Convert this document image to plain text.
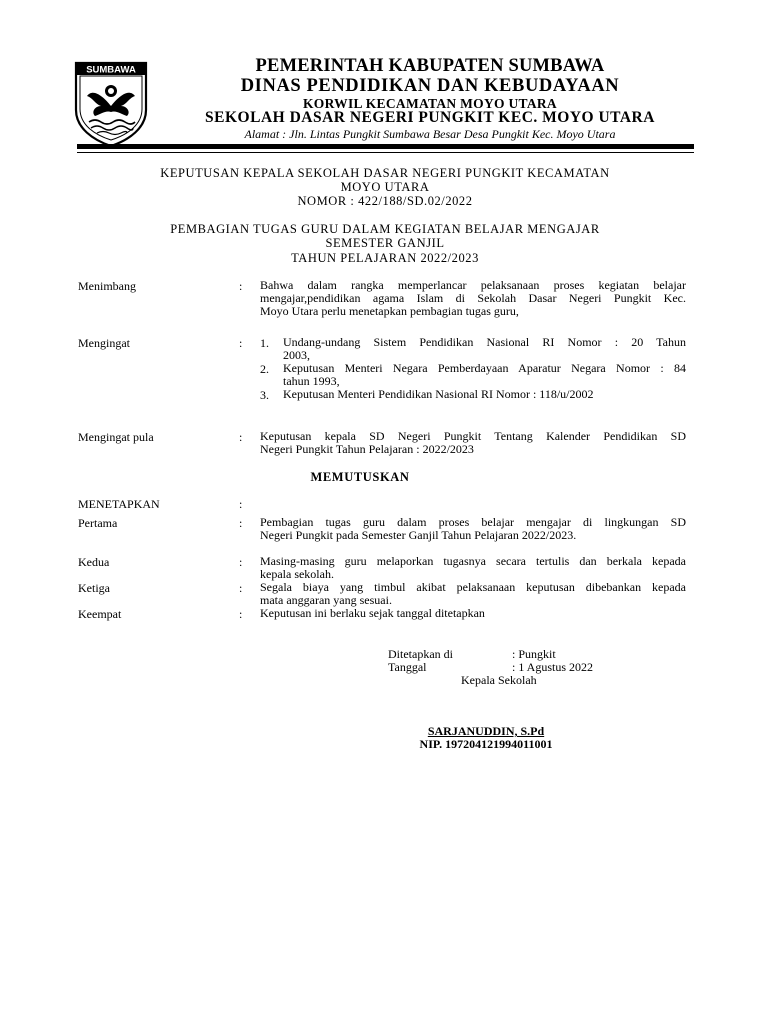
SUMBAWA	PEMERINTAH KABUPATEN SUMBAWA
DINAS PENDIDIKAN DAN KEBUDAYAAN
KORWIL KECAMATAN MOYO UTARA
SEKOLAH DASAR NEGERI PUNGKIT KEC. MOYO UTARA
Alamat : Jln. Lintas Pungkit Sumbawa Besar Desa Pungkit Kec. Moyo Utara
KEPUTUSAN KEPALA SEKOLAH DASAR NEGERI PUNGKIT KECAMATAN
MOYO UTARA
NOMOR : 422/188/SD.02/2022
PEMBAGIAN TUGAS GURU DALAM KEGIATAN BELAJAR MENGAJAR
SEMESTER GANJIL
TAHUN PELAJARAN 2022/2023
Menimbang	: Bahwa dalam rangka memperlancar pelaksanaan proses kegiatan belajar
mengajar,pendidikan agama Islam di Sekolah Dasar Negeri Pungkit Kec.
Moyo Utara perlu menetapkan pembagian tugas guru,
Mengingat	: 1. Undang-undang Sistem Pendidikan Nasional RI Nomor : 20 Tahun
2003,
2. Keputusan Menteri Negara Pemberdayaan Aparatur Negara Nomor : 84
tahun 1993,
3. Keputusan Menteri Pendidikan Nasional RI Nomor : 118/u/2002
Mengingat pula	: Keputusan kepala SD Negeri Pungkit Tentang Kalender Pendidikan SD
Negeri Pungkit Tahun Pelajaran : 2022/2023
MEMUTUSKAN
MENETAPKAN	:
Pertama	: Pembagian tugas guru dalam proses belajar mengajar di lingkungan SD
Negeri Pungkit pada Semester Ganjil Tahun Pelajaran 2022/2023.
Kedua	: Masing-masing guru melaporkan tugasnya secara tertulis dan berkala kepada
kepala sekolah.
Ketiga	: Segala biaya yang timbul akibat pelaksanaan keputusan dibebankan kepada
mata anggaran yang sesuai.
Keempat	: Keputusan ini berlaku sejak tanggal ditetapkan
Ditetapkan di	: Pungkit
Tanggal	: 1 Agustus 2022
Kepala Sekolah
SARJANUDDIN, S.Pd
NIP. 197204121994011001
